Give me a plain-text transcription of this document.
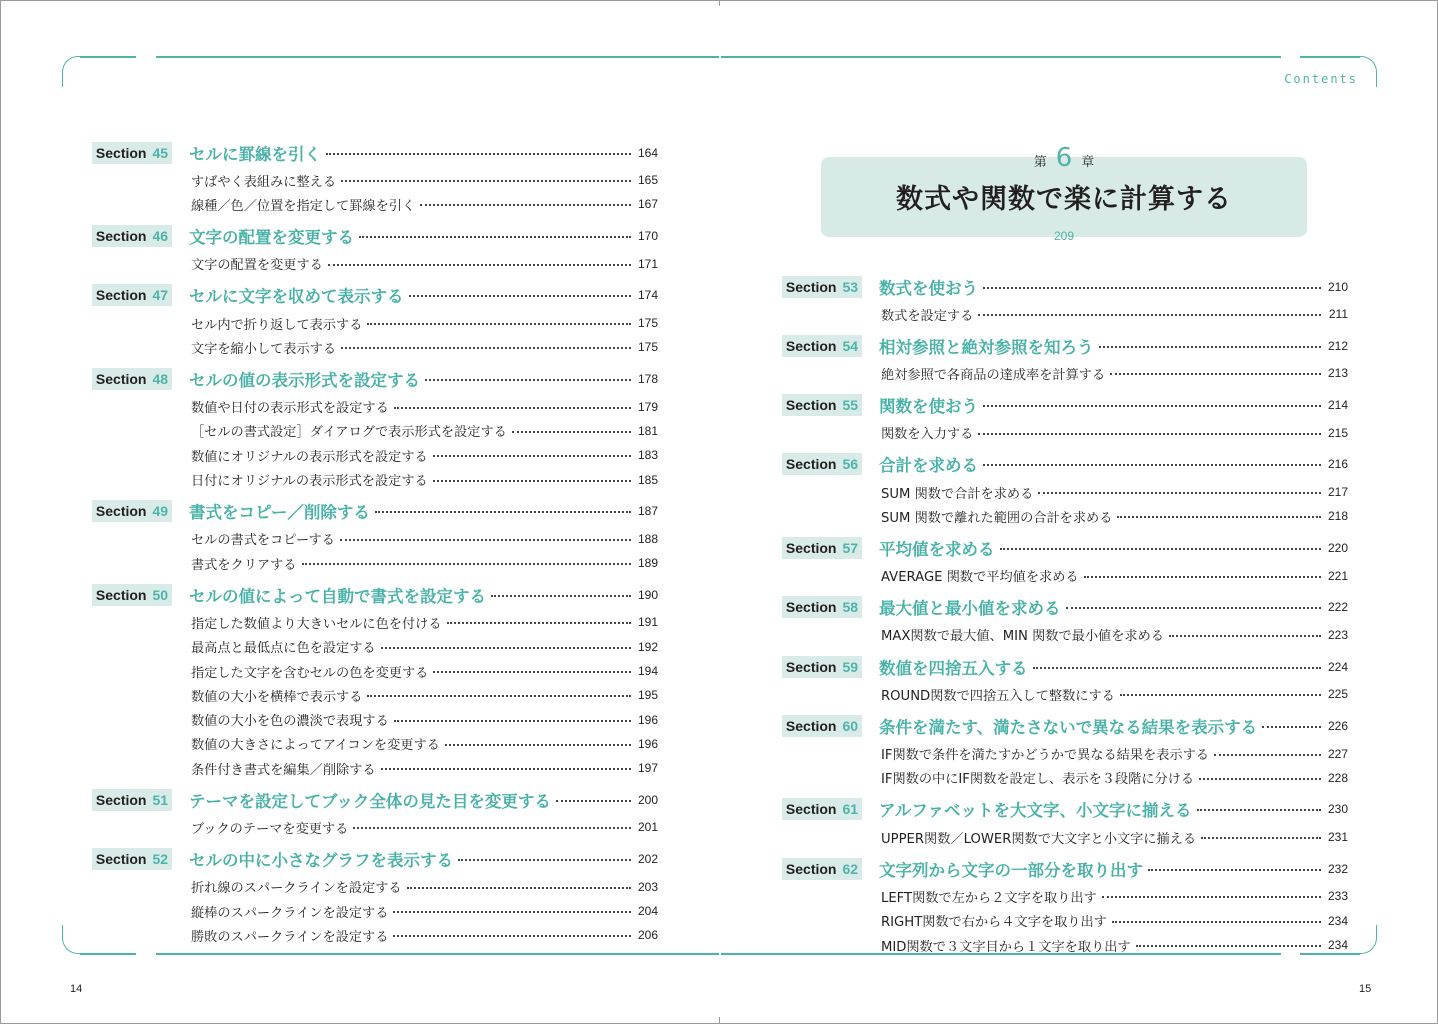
Contents
14	15
第 6 章
数式や関数で楽に計算する
209
Section 45 セルに罫線を引く	164
すばやく表組みに整える	165
線種／色／位置を指定して罫線を引く	167
Section 46 文字の配置を変更する	170
文字の配置を変更する	171
Section 47 セルに文字を収めて表示する	174
セル内で折り返して表示する	175
文字を縮小して表示する	175
Section 48 セルの値の表示形式を設定する	178
数値や日付の表示形式を設定する	179
［セルの書式設定］ダイアログで表示形式を設定する	181
数値にオリジナルの表示形式を設定する	183
日付にオリジナルの表示形式を設定する	185
Section 49 書式をコピー／削除する	187
セルの書式をコピーする	188
書式をクリアする	189
Section 50 セルの値によって自動で書式を設定する	190
指定した数値より大きいセルに色を付ける	191
最高点と最低点に色を設定する	192
指定した文字を含むセルの色を変更する	194
数値の大小を横棒で表示する	195
数値の大小を色の濃淡で表現する	196
数値の大きさによってアイコンを変更する	196
条件付き書式を編集／削除する	197
Section 51 テーマを設定してブック全体の見た目を変更する	200
ブックのテーマを変更する	201
Section 52 セルの中に小さなグラフを表示する	202
折れ線のスパークラインを設定する	203
縦棒のスパークラインを設定する	204
勝敗のスパークラインを設定する	206
Section 53 数式を使おう	210
数式を設定する	211
Section 54 相対参照と絶対参照を知ろう	212
絶対参照で各商品の達成率を計算する	213
Section 55 関数を使おう	214
関数を入力する	215
Section 56 合計を求める	216
SUM 関数で合計を求める	217
SUM 関数で離れた範囲の合計を求める	218
Section 57 平均値を求める	220
AVERAGE 関数で平均値を求める	221
Section 58 最大値と最小値を求める	222
MAX関数で最大値、MIN 関数で最小値を求める	223
Section 59 数値を四捨五入する	224
ROUND関数で四捨五入して整数にする	225
Section 60 条件を満たす、満たさないで異なる結果を表示する	226
IF関数で条件を満たすかどうかで異なる結果を表示する	227
IF関数の中にIF関数を設定し、表示を３段階に分ける	228
Section 61 アルファベットを大文字、小文字に揃える	230
UPPER関数／LOWER関数で大文字と小文字に揃える	231
Section 62 文字列から文字の一部分を取り出す	232
LEFT関数で左から２文字を取り出す	233
RIGHT関数で右から４文字を取り出す	234
MID関数で３文字目から１文字を取り出す	234
